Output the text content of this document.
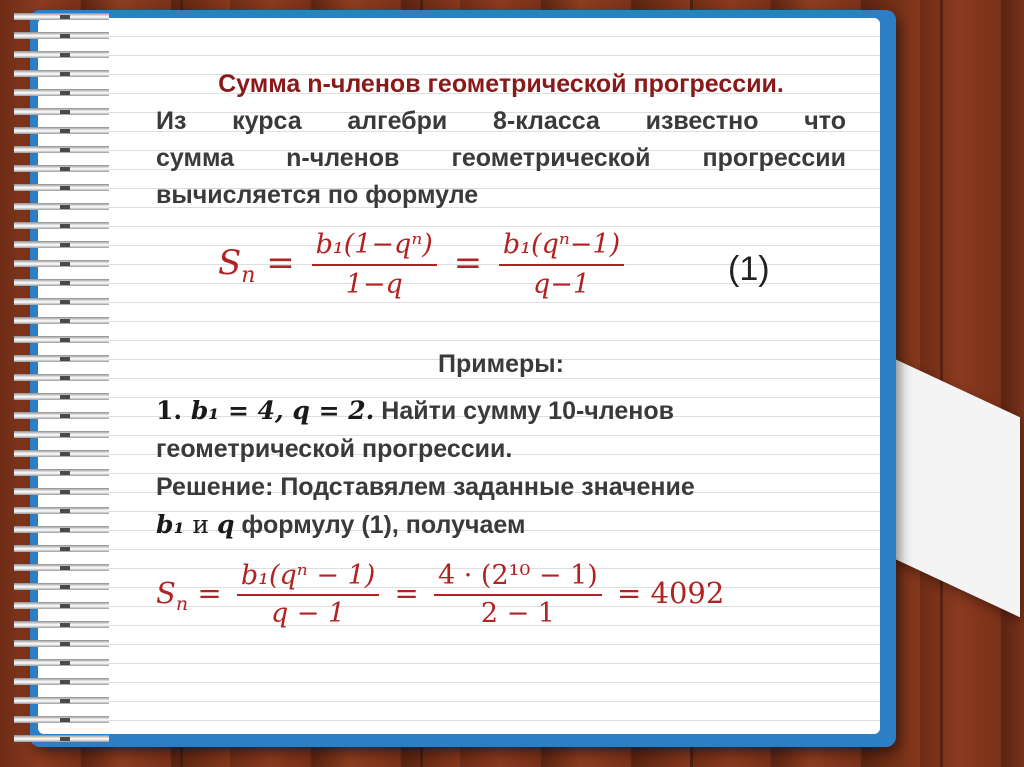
Сумма n-членов геометрической прогрессии.
Из курса алгебри 8-класса известно что
сумма n-членов геометрической прогрессии
вычисляется по формуле
$S_n = \frac{\text{b₁(1−qⁿ)}}{1-q} = \frac{\text{b₁(qⁿ−1)}}{q-1}$	(1)
Примеры:
1. b₁ = 4, q = 2. Найти сумму 10-членов
геометрической прогрессии.
Решение: Подставялем заданные значение
b₁ и q формулу (1), получаем
$S_n = \frac{\text{b₁(qⁿ − 1)}}{q - 1} = \frac{\text{4 · (2¹⁰ − 1)}}{2 - 1} = 4092$
